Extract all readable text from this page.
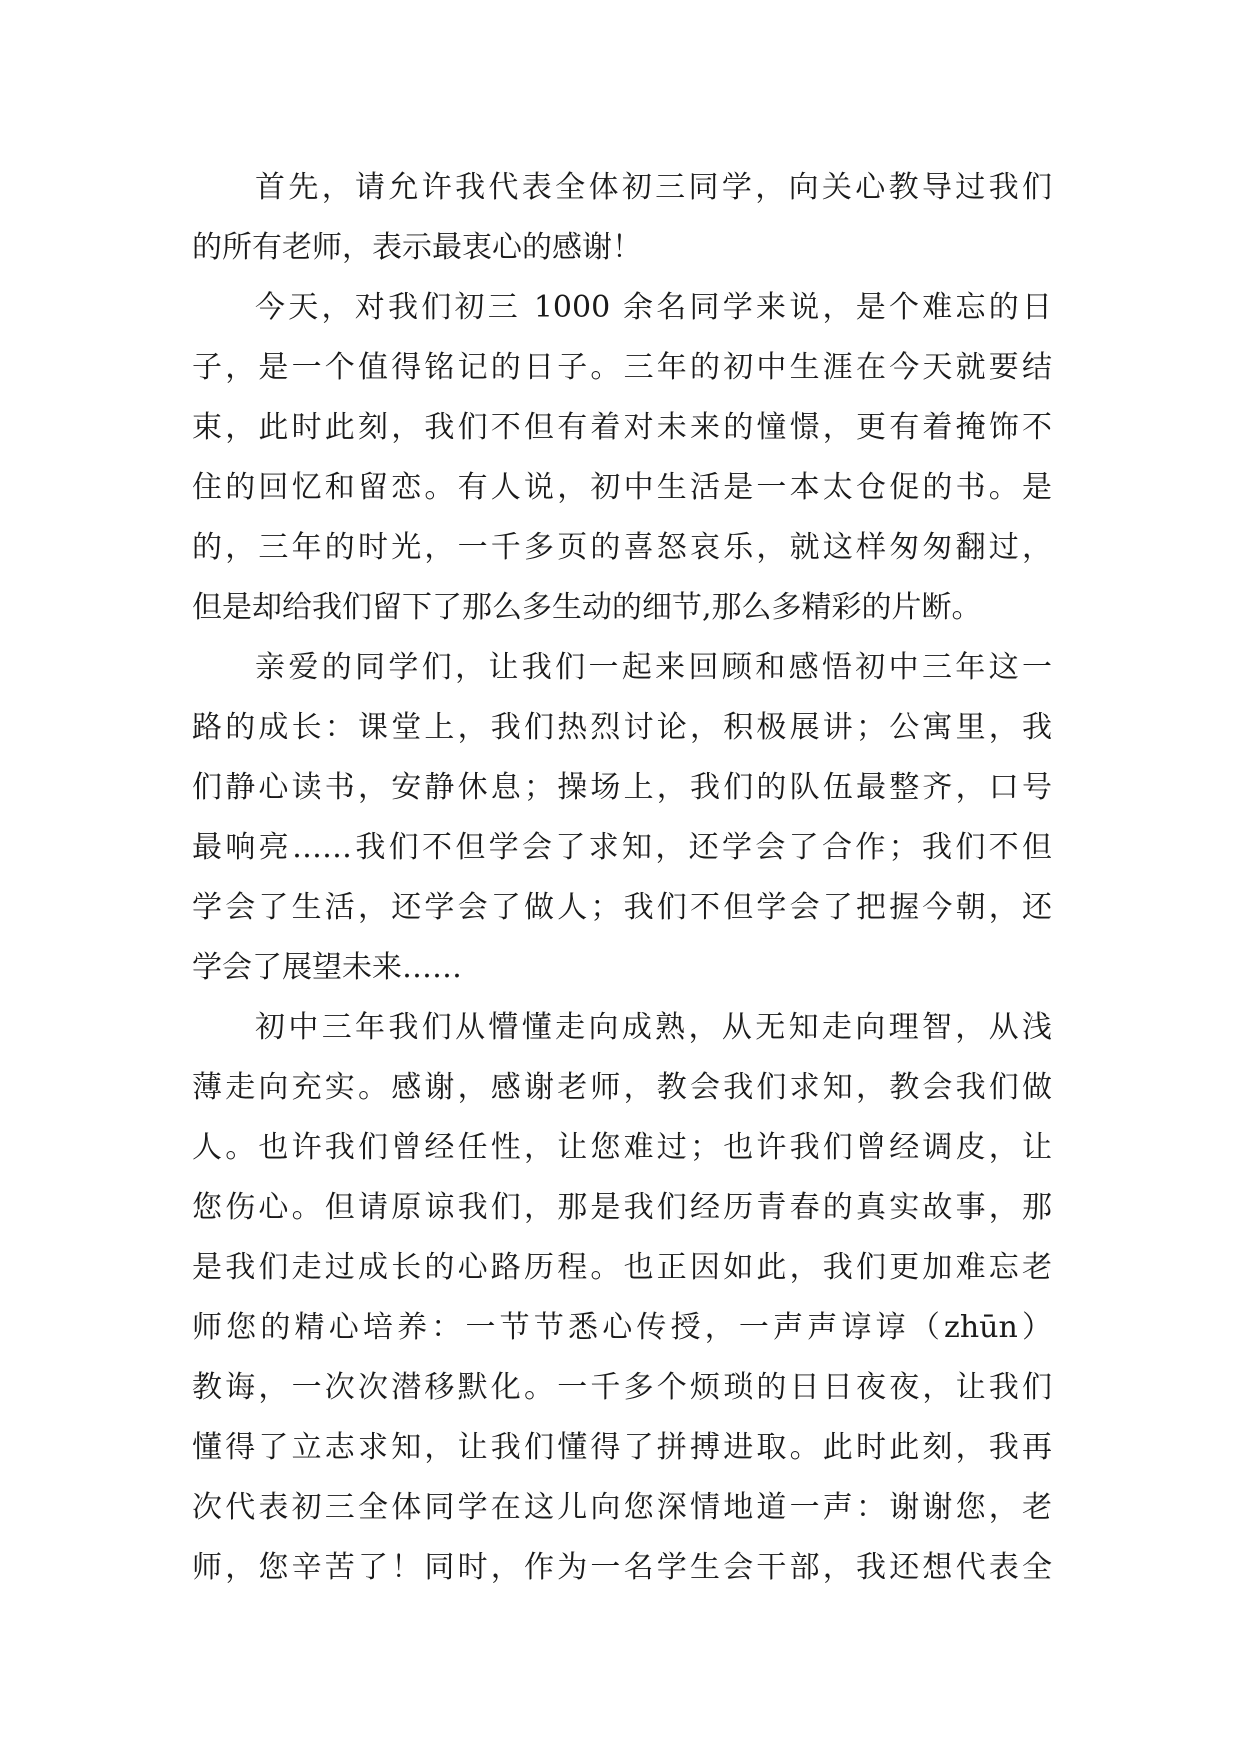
首先，请允许我代表全体初三同学，向关心教导过我们
的所有老师，表示最衷心的感谢！
今天，对我们初三 1000 余名同学来说，是个难忘的日
子，是一个值得铭记的日子。三年的初中生涯在今天就要结
束，此时此刻，我们不但有着对未来的憧憬，更有着掩饰不
住的回忆和留恋。有人说，初中生活是一本太仓促的书。是
的，三年的时光，一千多页的喜怒哀乐，就这样匆匆翻过，
但是却给我们留下了那么多生动的细节,那么多精彩的片断。
亲爱的同学们，让我们一起来回顾和感悟初中三年这一
路的成长：课堂上，我们热烈讨论，积极展讲；公寓里，我
们静心读书，安静休息；操场上，我们的队伍最整齐，口号
最响亮……我们不但学会了求知，还学会了合作；我们不但
学会了生活，还学会了做人；我们不但学会了把握今朝，还
学会了展望未来……
初中三年我们从懵懂走向成熟，从无知走向理智，从浅
薄走向充实。感谢，感谢老师，教会我们求知，教会我们做
人。也许我们曾经任性，让您难过；也许我们曾经调皮，让
您伤心。但请原谅我们，那是我们经历青春的真实故事，那
是我们走过成长的心路历程。也正因如此，我们更加难忘老
师您的精心培养：一节节悉心传授，一声声谆谆（zhūn）
教诲，一次次潜移默化。一千多个烦琐的日日夜夜，让我们
懂得了立志求知，让我们懂得了拼搏进取。此时此刻，我再
次代表初三全体同学在这儿向您深情地道一声：谢谢您，老
师，您辛苦了！同时，作为一名学生会干部，我还想代表全
